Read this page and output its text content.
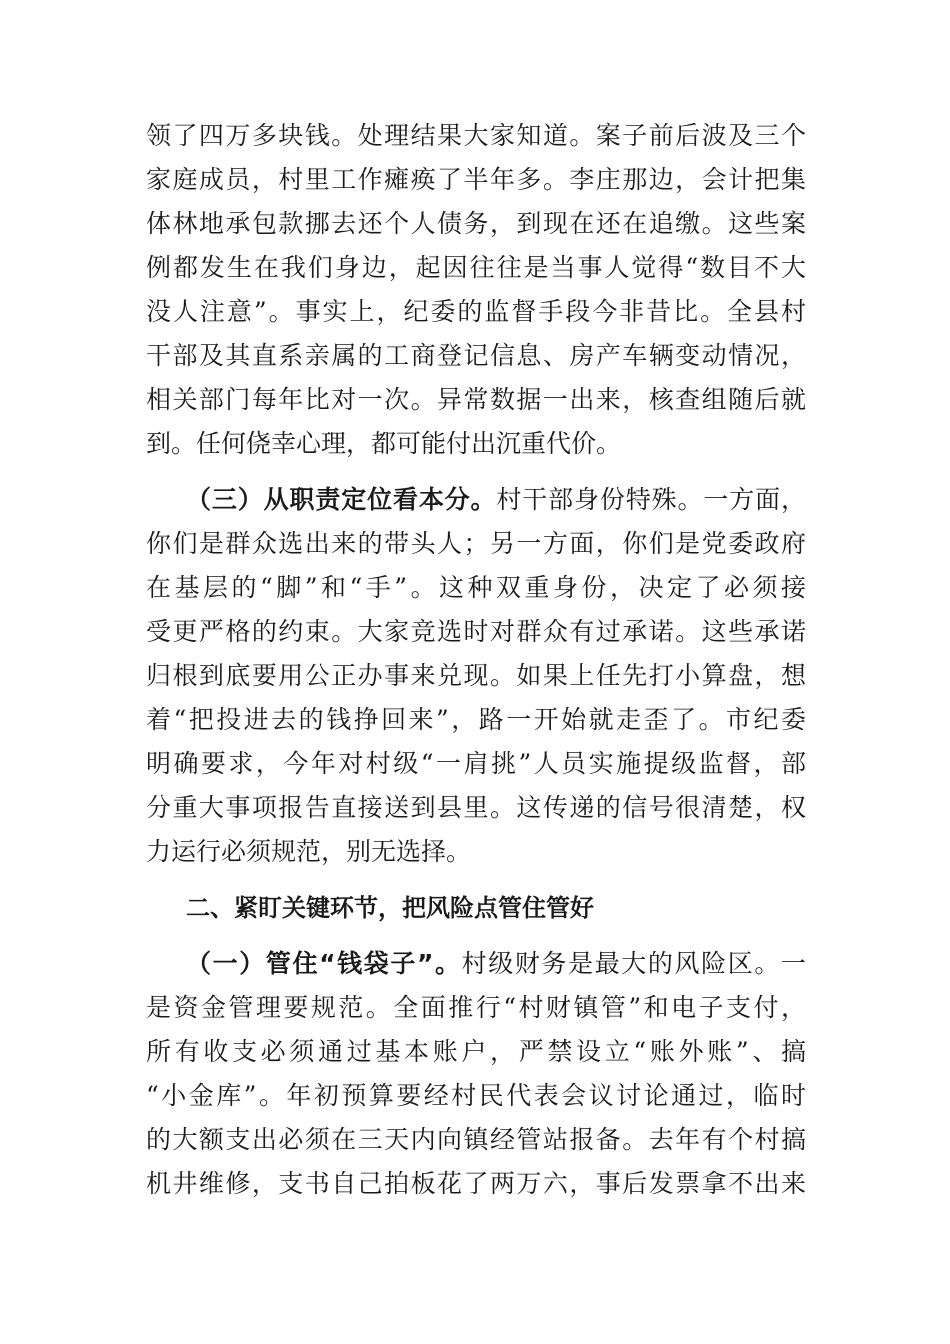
领了四万多块钱。处理结果大家知道。案子前后波及三个
家庭成员，村里工作瘫痪了半年多。李庄那边，会计把集
体林地承包款挪去还个人债务，到现在还在追缴。这些案
例都发生在我们身边，起因往往是当事人觉得“数目不大
没人注意”。事实上，纪委的监督手段今非昔比。全县村
干部及其直系亲属的工商登记信息、房产车辆变动情况，
相关部门每年比对一次。异常数据一出来，核查组随后就
到。任何侥幸心理，都可能付出沉重代价。
（三）从职责定位看本分。村干部身份特殊。一方面，
你们是群众选出来的带头人；另一方面，你们是党委政府
在基层的“脚”和“手”。这种双重身份，决定了必须接
受更严格的约束。大家竞选时对群众有过承诺。这些承诺
归根到底要用公正办事来兑现。如果上任先打小算盘，想
着“把投进去的钱挣回来”，路一开始就走歪了。市纪委
明确要求，今年对村级“一肩挑”人员实施提级监督，部
分重大事项报告直接送到县里。这传递的信号很清楚，权
力运行必须规范，别无选择。
二、紧盯关键环节，把风险点管住管好
（一）管住“钱袋子”。村级财务是最大的风险区。一
是资金管理要规范。全面推行“村财镇管”和电子支付，
所有收支必须通过基本账户，严禁设立“账外账”、搞
“小金库”。年初预算要经村民代表会议讨论通过，临时
的大额支出必须在三天内向镇经管站报备。去年有个村搞
机井维修，支书自己拍板花了两万六，事后发票拿不出来
